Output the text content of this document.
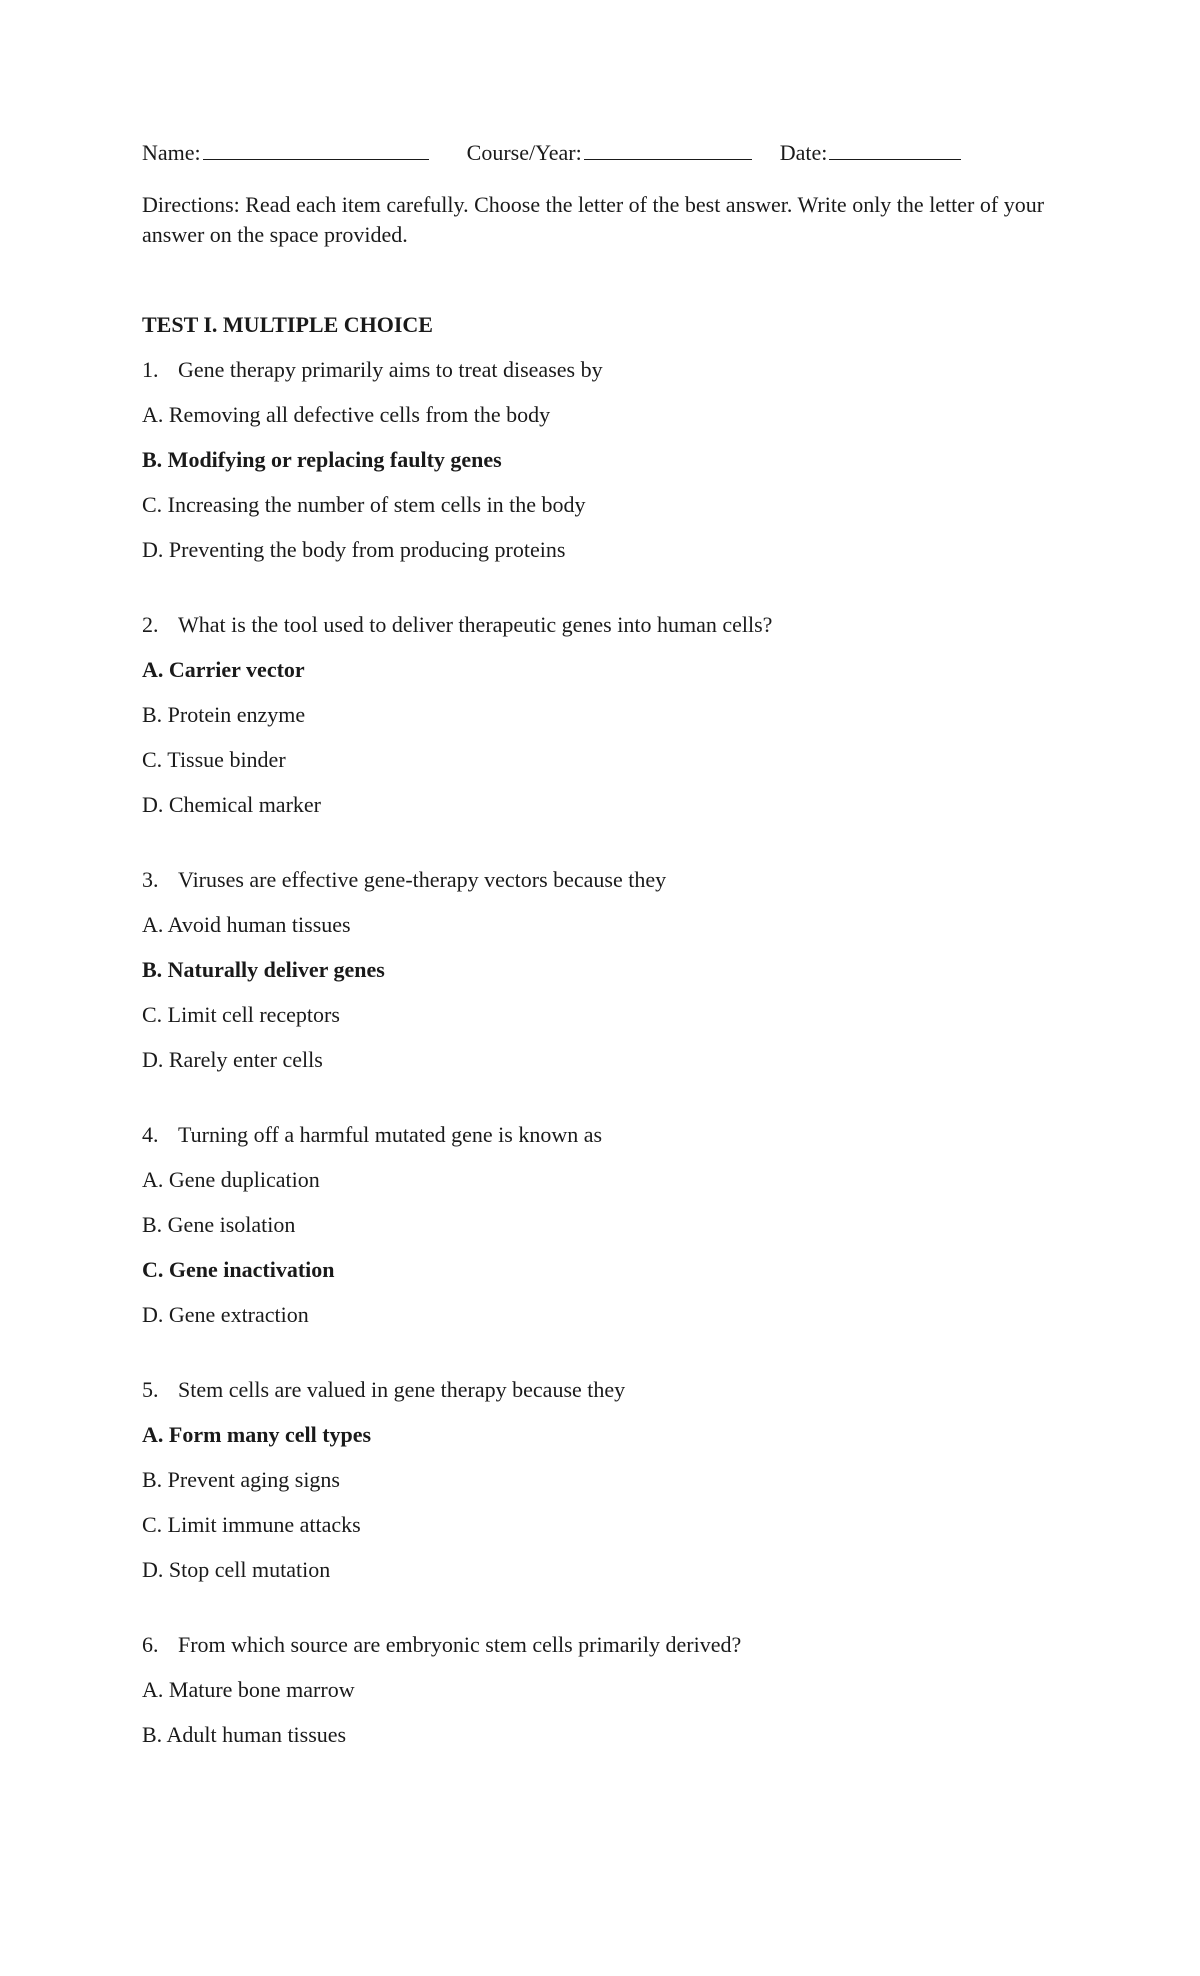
Name:	Course/Year:	Date:
Directions: Read each item carefully. Choose the letter of the best answer. Write only the letter of your answer on the space provided.
TEST I. MULTIPLE CHOICE
1. Gene therapy primarily aims to treat diseases by
A. Removing all defective cells from the body
B. Modifying or replacing faulty genes
C. Increasing the number of stem cells in the body
D. Preventing the body from producing proteins
2. What is the tool used to deliver therapeutic genes into human cells?
A. Carrier vector
B. Protein enzyme
C. Tissue binder
D. Chemical marker
3. Viruses are effective gene-therapy vectors because they
A. Avoid human tissues
B. Naturally deliver genes
C. Limit cell receptors
D. Rarely enter cells
4. Turning off a harmful mutated gene is known as
A. Gene duplication
B. Gene isolation
C. Gene inactivation
D. Gene extraction
5. Stem cells are valued in gene therapy because they
A. Form many cell types
B. Prevent aging signs
C. Limit immune attacks
D. Stop cell mutation
6. From which source are embryonic stem cells primarily derived?
A. Mature bone marrow
B. Adult human tissues
